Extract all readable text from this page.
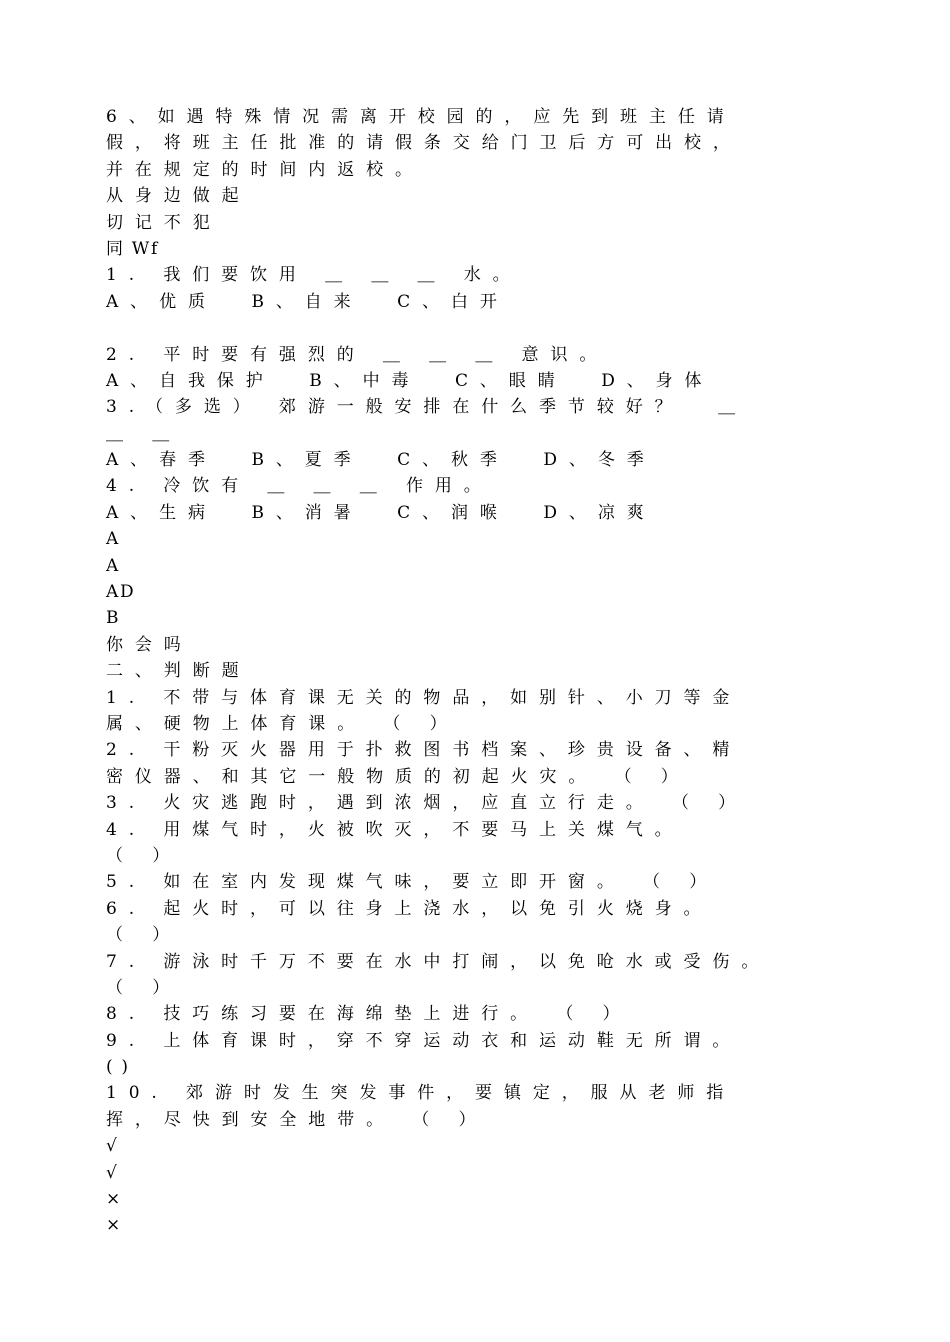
6、如遇特殊情况需离开校园的，应先到班主任请
假，将班主任批准的请假条交给门卫后方可出校，
并在规定的时间内返校。
从身边做起
切记不犯
同 Wf
1. 我们要饮用 ＿ ＿ ＿ 水。
A、优质  B、自来  C、白开
2. 平时要有强烈的 ＿ ＿ ＿ 意识。
A、自我保护  B、中毒  C、眼睛  D、身体
3.（多选） 郊游一般安排在什么季节较好？  ＿
＿ ＿
A、春季  B、夏季  C、秋季  D、冬季
4. 冷饮有 ＿ ＿ ＿ 作用。
A、生病  B、消暑  C、润喉  D、凉爽
A
A
AD
B
你会吗
二、判断题
1. 不带与体育课无关的物品，如别针、小刀等金
属、硬物上体育课。 （ ）
2. 干粉灭火器用于扑救图书档案、珍贵设备、精
密仪器、和其它一般物质的初起火灾。 （ ）
3. 火灾逃跑时，遇到浓烟，应直立行走。 （ ）
4. 用煤气时，火被吹灭，不要马上关煤气。
（ ）
5. 如在室内发现煤气味，要立即开窗。 （ ）
6. 起火时，可以往身上浇水，以免引火烧身。
（ ）
7. 游泳时千万不要在水中打闹，以免呛水或受伤。
（ ）
8. 技巧练习要在海绵垫上进行。 （ ）
9. 上体育课时，穿不穿运动衣和运动鞋无所谓。
( )
10. 郊游时发生突发事件，要镇定，服从老师指
挥，尽快到安全地带。 （ ）
√
√
×
×
